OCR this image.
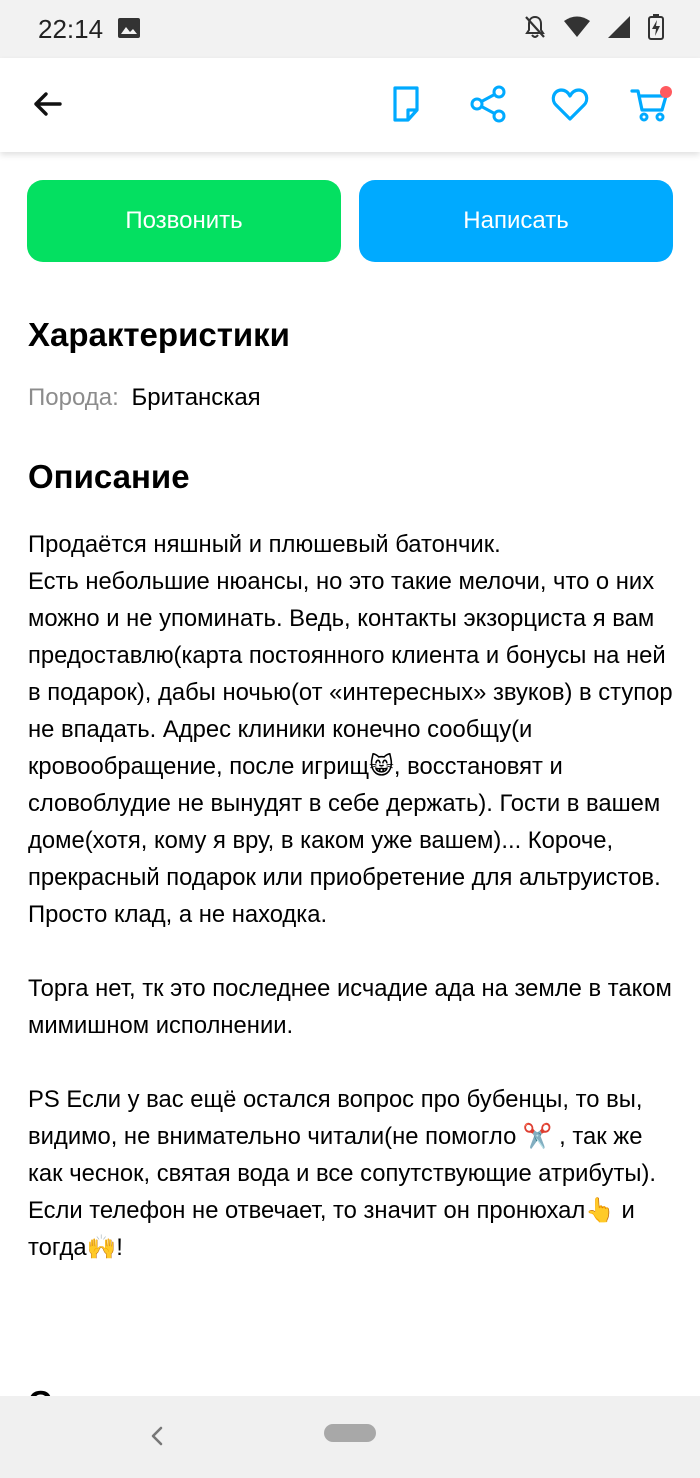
22:14
Позвонить	Написать
Характеристики
Порода: Британская
Описание
Продаётся няшный и плюшевый батончик.
Есть небольшие нюансы, но это такие мелочи, что о них можно и не упоминать. Ведь, контакты экзорциста я вам предоставлю(карта постоянного клиента и бонусы на ней в подарок), дабы ночью(от «интересных» звуков) в ступор не впадать. Адрес клиники конечно сообщу(и кровообращение, после игрищ😸, восстановят и словоблудие не вынудят в себе держать). Гости в вашем доме(хотя, кому я вру, в каком уже вашем)... Короче, прекрасный подарок или приобретение для альтруистов. Просто клад, а не находка.

Торга нет, тк это последнее исчадие ада на земле в таком мимишном исполнении.

PS Если у вас ещё остался вопрос про бубенцы, то вы, видимо, не внимательно читали(не помогло ✂️ , так же как чеснок, святая вода и все сопутствующие атрибуты). Если телефон не отвечает, то значит он пронюхал👆 и тогда🙌!
